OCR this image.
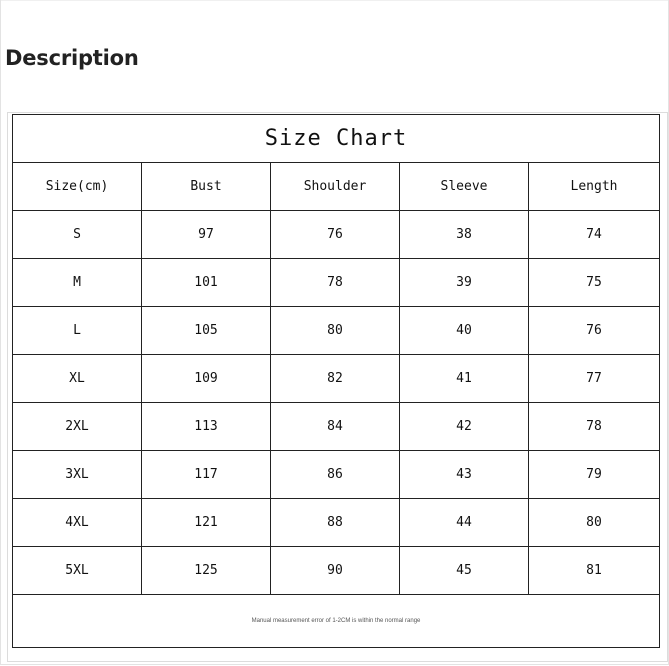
Description
Size Chart				
Size(cm)	Bust	Shoulder	Sleeve	Length
S	97	76	38	74
M	101	78	39	75
L	105	80	40	76
XL	109	82	41	77
2XL	113	84	42	78
3XL	117	86	43	79
4XL	121	88	44	80
5XL	125	90	45	81
Manual measurement error of 1-2CM is within the normal range				
